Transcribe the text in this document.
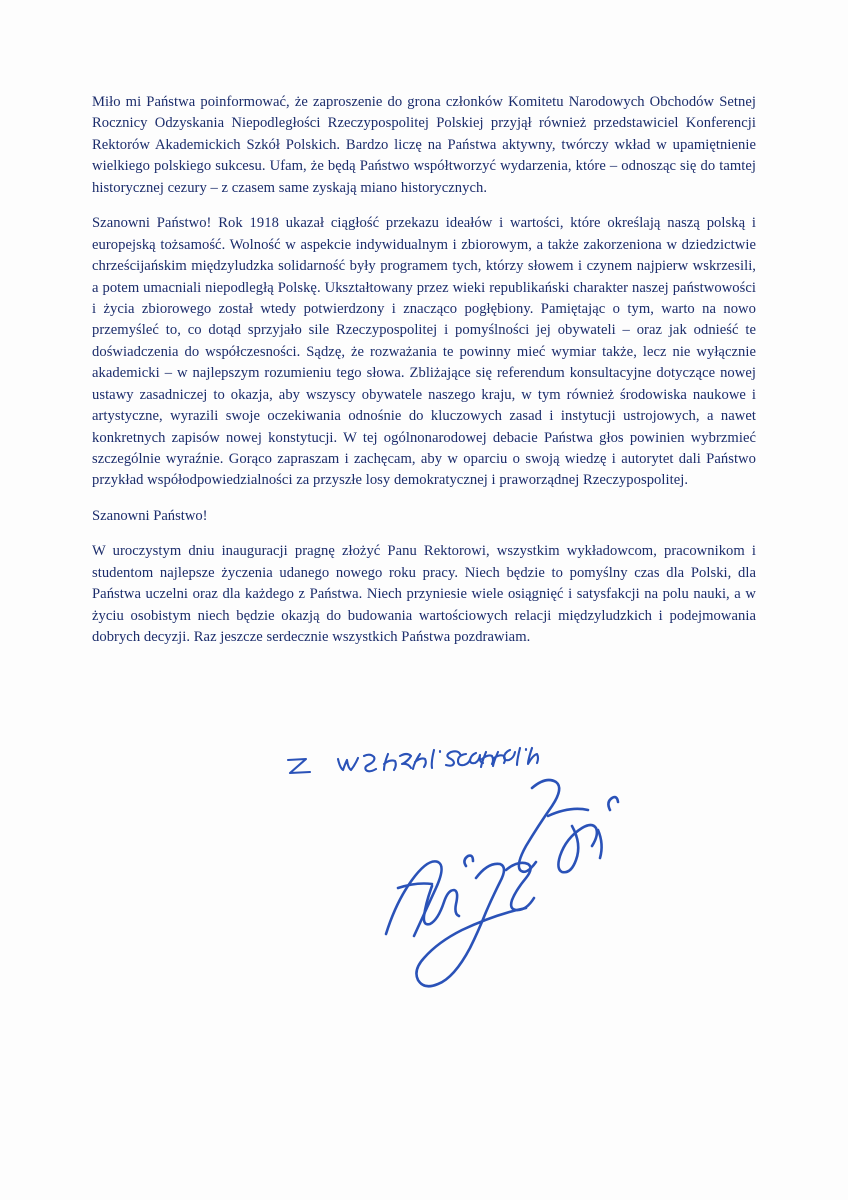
Miło mi Państwa poinformować, że zaproszenie do grona członków Komitetu Narodowych Obchodów Setnej Rocznicy Odzyskania Niepodległości Rzeczypospolitej Polskiej przyjął również przedstawiciel Konferencji Rektorów Akademickich Szkół Polskich. Bardzo liczę na Państwa aktywny, twórczy wkład w upamiętnienie wielkiego polskiego sukcesu. Ufam, że będą Państwo współtworzyć wydarzenia, które – odnosząc się do tamtej historycznej cezury – z czasem same zyskają miano historycznych.

Szanowni Państwo! Rok 1918 ukazał ciągłość przekazu ideałów i wartości, które określają naszą polską i europejską tożsamość. Wolność w aspekcie indywidualnym i zbiorowym, a także zakorzeniona w dziedzictwie chrześcijańskim międzyludzka solidarność były programem tych, którzy słowem i czynem najpierw wskrzesili, a potem umacniali niepodległą Polskę. Ukształtowany przez wieki republikański charakter naszej państwowości i życia zbiorowego został wtedy potwierdzony i znacząco pogłębiony. Pamiętając o tym, warto na nowo przemyśleć to, co dotąd sprzyjało sile Rzeczypospolitej i pomyślności jej obywateli – oraz jak odnieść te doświadczenia do współczesności. Sądzę, że rozważania te powinny mieć wymiar także, lecz nie wyłącznie akademicki – w najlepszym rozumieniu tego słowa. Zbliżające się referendum konsultacyjne dotyczące nowej ustawy zasadniczej to okazja, aby wszyscy obywatele naszego kraju, w tym również środowiska naukowe i artystyczne, wyrazili swoje oczekiwania odnośnie do kluczowych zasad i instytucji ustrojowych, a nawet konkretnych zapisów nowej konstytucji. W tej ogólnonarodowej debacie Państwa głos powinien wybrzmieć szczególnie wyraźnie. Gorąco zapraszam i zachęcam, aby w oparciu o swoją wiedzę i autorytet dali Państwo przykład współodpowiedzialności za przyszłe losy demokratycznej i praworządnej Rzeczypospolitej.

Szanowni Państwo!

W uroczystym dniu inauguracji pragnę złożyć Panu Rektorowi, wszystkim wykładowcom, pracownikom i studentom najlepsze życzenia udanego nowego roku pracy. Niech będzie to pomyślny czas dla Polski, dla Państwa uczelni oraz dla każdego z Państwa. Niech przyniesie wiele osiągnięć i satysfakcji na polu nauki, a w życiu osobistym niech będzie okazją do budowania wartościowych relacji międzyludzkich i podejmowania dobrych decyzji. Raz jeszcze serdecznie wszystkich Państwa pozdrawiam.
